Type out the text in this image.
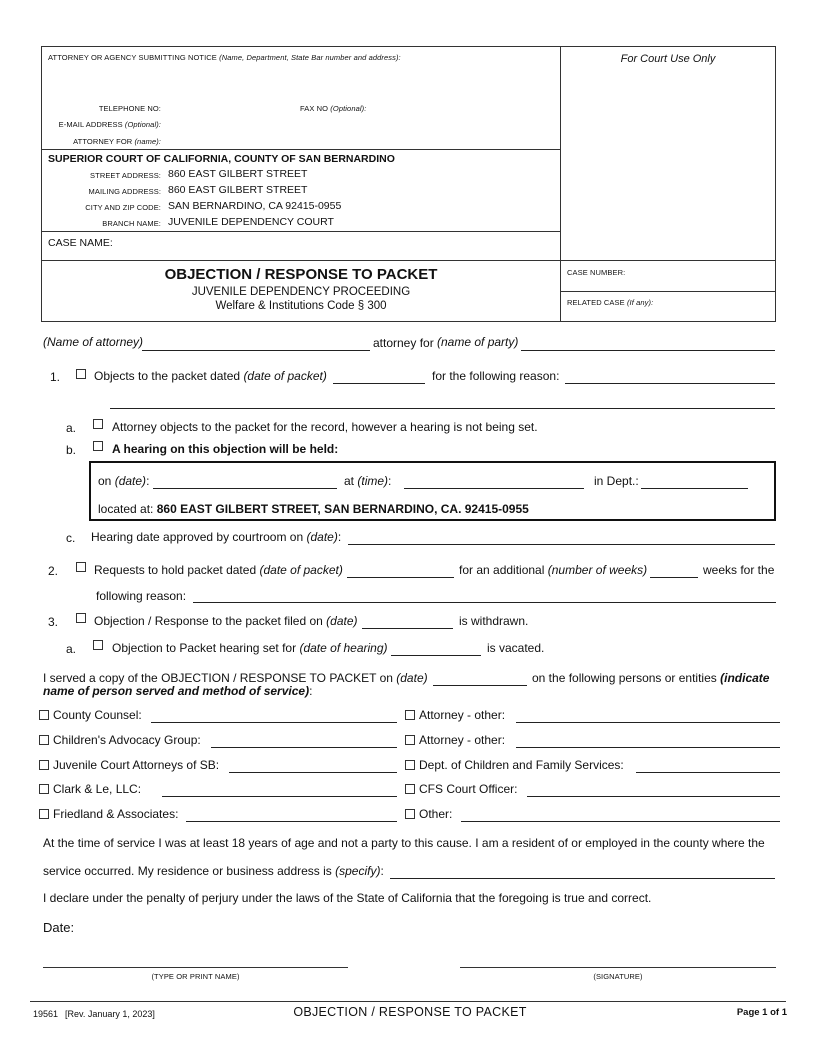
ATTORNEY OR AGENCY SUBMITTING NOTICE (Name, Department, State Bar number and address):	For Court Use Only
TELEPHONE NO:	FAX NO (Optional):
E-MAIL ADDRESS (Optional):
ATTORNEY FOR (name):
SUPERIOR COURT OF CALIFORNIA, COUNTY OF SAN BERNARDINO
STREET ADDRESS: 860 EAST GILBERT STREET
MAILING ADDRESS: 860 EAST GILBERT STREET
CITY AND ZIP CODE: SAN BERNARDINO, CA 92415-0955
BRANCH NAME: JUVENILE DEPENDENCY COURT
CASE NAME:
OBJECTION / RESPONSE TO PACKET
JUVENILE DEPENDENCY PROCEEDING
Welfare & Institutions Code § 300
CASE NUMBER:
RELATED CASE (If any):
(Name of attorney)	attorney for (name of party)
1.	Objects to the packet dated (date of packet)	for the following reason:
a.	Attorney objects to the packet for the record, however a hearing is not being set.
b.	A hearing on this objection will be held:
on (date):	at (time):	in Dept.:
located at: 860 EAST GILBERT STREET, SAN BERNARDINO, CA. 92415-0955
c. Hearing date approved by courtroom on (date):
2.	Requests to hold packet dated (date of packet)	for an additional (number of weeks)	weeks for the
following reason:
3.	Objection / Response to the packet filed on (date)	is withdrawn.
a.	Objection to Packet hearing set for (date of hearing)	is vacated.
I served a copy of the OBJECTION / RESPONSE TO PACKET on (date)	on the following persons or entities (indicate
name of person served and method of service):
County Counsel:
Children's Advocacy Group:
Juvenile Court Attorneys of SB:
Clark & Le, LLC:
Friedland & Associates:
Attorney - other:
Attorney - other:
Dept. of Children and Family Services:
CFS Court Officer:
Other:
At the time of service I was at least 18 years of age and not a party to this cause. I am a resident of or employed in the county where the
service occurred. My residence or business address is (specify):
I declare under the penalty of perjury under the laws of the State of California that the foregoing is true and correct.
Date:
(TYPE OR PRINT NAME)	(SIGNATURE)
19561 [Rev. January 1, 2023]	OBJECTION / RESPONSE TO PACKET	Page 1 of 1
